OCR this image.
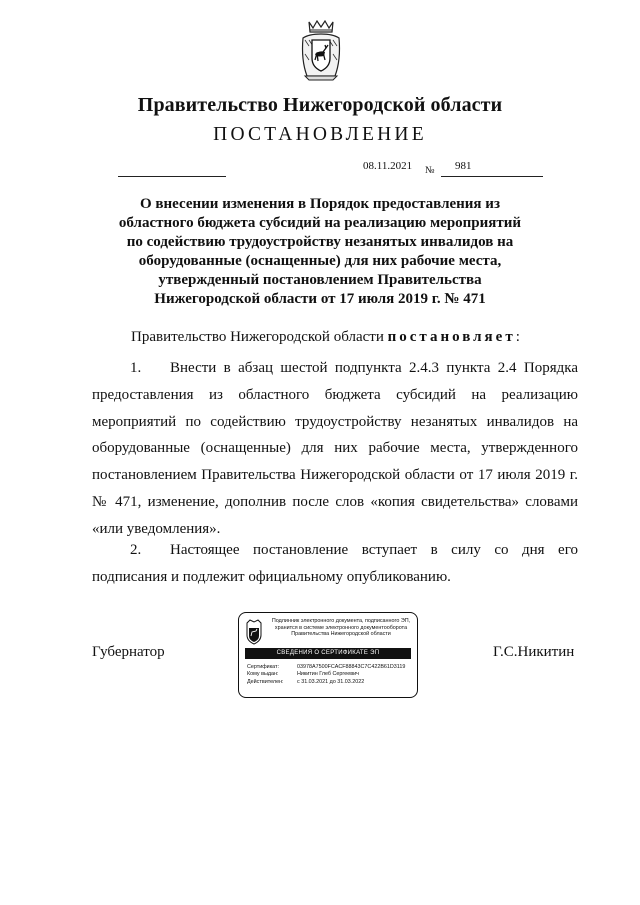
Правительство Нижегородской области
ПОСТАНОВЛЕНИЕ
08.11.2021 № 981
О внесении изменения в Порядок предоставления из областного бюджета субсидий на реализацию мероприятий по содействию трудоустройству незанятых инвалидов на оборудованные (оснащенные) для них рабочие места, утвержденный постановлением Правительства Нижегородской области от 17 июля 2019 г. № 471
Правительство Нижегородской области постановляет:

1. Внести в абзац шестой подпункта 2.4.3 пункта 2.4 Порядка предоставления из областного бюджета субсидий на реализацию мероприятий по содействию трудоустройству незанятых инвалидов на оборудованные (оснащенные) для них рабочие места, утвержденного постановлением Правительства Нижегородской области от 17 июля 2019 г. № 471, изменение, дополнив после слов «копия свидетельства» словами «или уведомления».

2. Настоящее постановление вступает в силу со дня его подписания и подлежит официальному опубликованию.

Губернатор	Г.С.Никитин
Подлинник электронного документа, подписанного ЭП,
хранится в системе электронного документооборота
Правительства Нижегородской области
СВЕДЕНИЯ О СЕРТИФИКАТЕ ЭП
Сертификат:	03978A7500FCACF88843C7C422B61D3119
Кому выдан:	Никитин Глеб Сергеевич
Действителен: с 31.03.2021 до 31.03.2022
